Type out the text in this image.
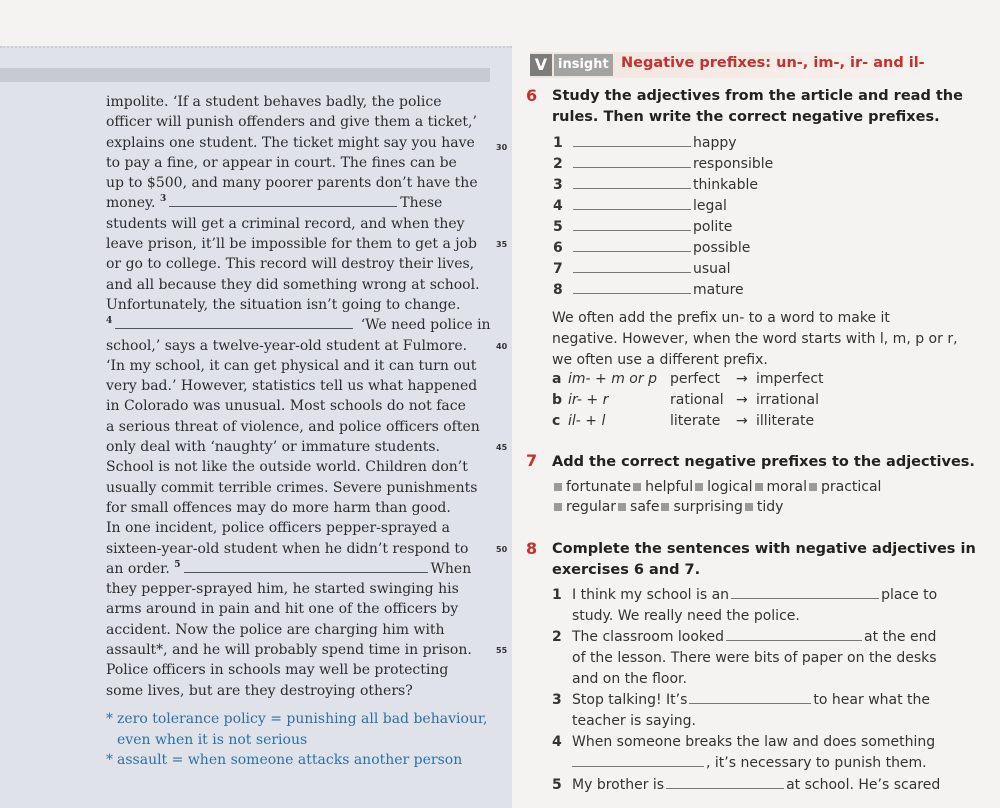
impolite. ‘If a student behaves badly, the police
officer will punish offenders and give them a ticket,’
explains one student. The ticket might say you have
to pay a fine, or appear in court. The fines can be
up to $500, and many poorer parents don’t have the
money. $^3$	These
students will get a criminal record, and when they
leave prison, it’ll be impossible for them to get a job
or go to college. This record will destroy their lives,
and all because they did something wrong at school.
Unfortunately, the situation isn’t going to change.
$^4$	‘We need police in
school,’ says a twelve-year-old student at Fulmore.
‘In my school, it can get physical and it can turn out
very bad.’ However, statistics tell us what happened
in Colorado was unusual. Most schools do not face
a serious threat of violence, and police officers often
only deal with ‘naughty’ or immature students.
School is not like the outside world. Children don’t
usually commit terrible crimes. Severe punishments
for small offences may do more harm than good.
In one incident, police officers pepper-sprayed a
sixteen-year-old student when he didn’t respond to
an order. $^5$	When
they pepper-sprayed him, he started swinging his
arms around in pain and hit one of the officers by
accident. Now the police are charging him with
assault*, and he will probably spend time in prison.
Police officers in schools may well be protecting
some lives, but are they destroying others?
30
35
40
45
50
55
* zero tolerance policy = punishing all bad behaviour,
even when it is not serious
* assault = when someone attacks another person
V insight Negative prefixes: un-, im-, ir- and il-
6 Study the adjectives from the article and read the
rules. Then write the correct negative prefixes.
1	happy
2	responsible
3	thinkable
4	legal
5	polite
6	possible
7	usual
8	mature
We often add the prefix un- to a word to make it
negative. However, when the word starts with l, m, p or r,
we often use a different prefix.
a im- + m or p perfect → imperfect
b ir- + r	rational → irrational
c il- + l	literate → illiterate
7 Add the correct negative prefixes to the adjectives.
fortunate helpful logical moral practical
regular safe surprising tidy
8 Complete the sentences with negative adjectives in
exercises 6 and 7.
1 I think my school is an	place to
study. We really need the police.
2 The classroom looked	at the end
of the lesson. There were bits of paper on the desks
and on the floor.
3 Stop talking! It’s	to hear what the
teacher is saying.
4 When someone breaks the law and does something
, it’s necessary to punish them.
5 My brother is	at school. He’s scared
